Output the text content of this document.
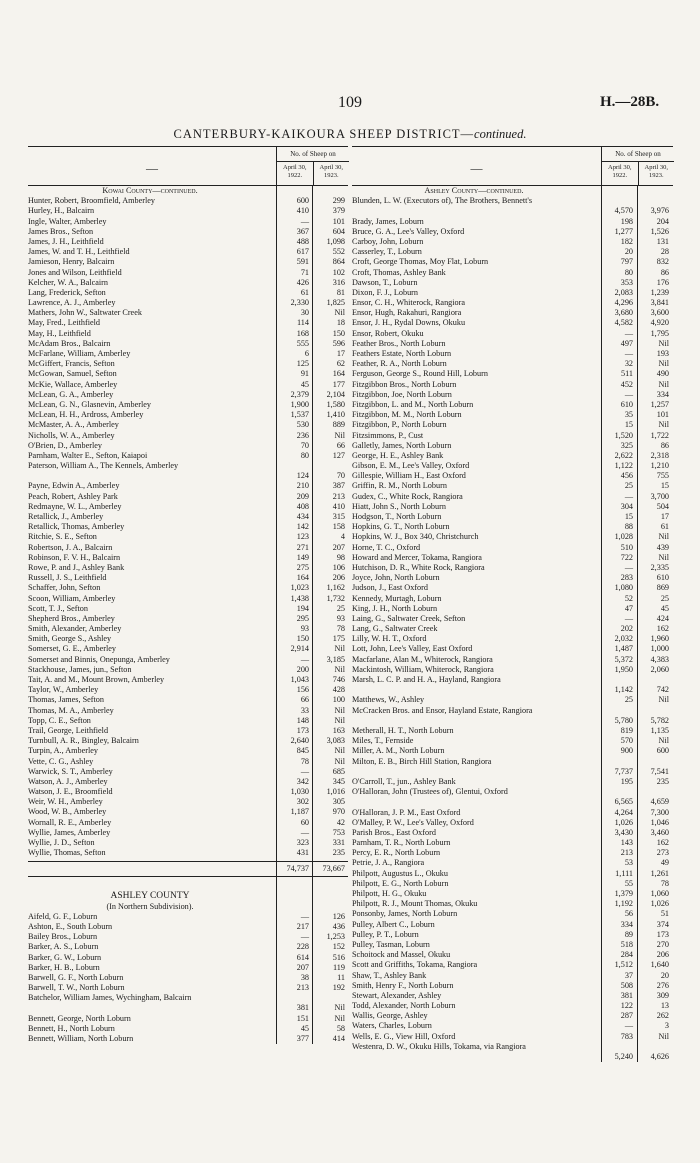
109	H.—28B.
CANTERBURY-KAIKOURA SHEEP DISTRICT—continued.
—
No. of Sheep on
April 30, 1922.
April 30, 1923.
Kowai County—continued.
Hunter, Robert, Broomfield, Amberley	600	299
Hurley, H., Balcairn	410	379
Ingle, Walter, Amberley	—	101
James Bros., Sefton	367	604
James, J. H., Leithfield	488	1,098
James, W. and T. H., Leithfield	617	552
Jamieson, Henry, Balcairn	591	864
Jones and Wilson, Leithfield	71	102
Kelcher, W. A., Balcairn	426	316
Lang, Frederick, Sefton	61	81
Lawrence, A. J., Amberley	2,330	1,825
Mathers, John W., Saltwater Creek	30	Nil
May, Fred., Leithfield	114	18
May, H., Leithfield	168	150
McAdam Bros., Balcairn	555	596
McFarlane, William, Amberley	6	17
McGiffert, Francis, Sefton	125	62
McGowan, Samuel, Sefton	91	164
McKie, Wallace, Amberley	45	177
McLean, G. A., Amberley	2,379	2,104
McLean, G. N., Glasnevin, Amberley	1,900	1,580
McLean, H. H., Ardross, Amberley	1,537	1,410
McMaster, A. A., Amberley	530	889
Nicholls, W. A., Amberley	236	Nil
O'Brien, D., Amberley	70	66
Parnham, Walter E., Sefton, Kaiapoi	80	127
Paterson, William A., The Kennels, Amberley
124	70
Payne, Edwin A., Amberley	210	387
Peach, Robert, Ashley Park	209	213
Redmayne, W. L., Amberley	408	410
Retallick, J., Amberley	434	315
Retallick, Thomas, Amberley	142	158
Ritchie, S. E., Sefton	123	4
Robertson, J. A., Balcairn	271	207
Robinson, F. V. H., Balcairn	149	98
Rowe, P. and J., Ashley Bank	275	106
Russell, J. S., Leithfield	164	206
Schaffer, John, Sefton	1,023	1,162
Scoon, William, Amberley	1,438	1,732
Scott, T. J., Sefton	194	25
Shepherd Bros., Amberley	295	93
Smith, Alexander, Amberley	93	78
Smith, George S., Ashley	150	175
Somerset, G. E., Amberley	2,914	Nil
Somerset and Binnis, Onepunga, Amberley	—	3,185
Stackhouse, James, jun., Sefton	200	Nil
Tait, A. and M., Mount Brown, Amberley	1,043	746
Taylor, W., Amberley	156	428
Thomas, James, Sefton	66	100
Thomas, M. A., Amberley	33	Nil
Topp, C. E., Sefton	148	Nil
Trail, George, Leithfield	173	163
Turnbull, A. R., Bingley, Balcairn	2,640	3,083
Turpin, A., Amberley	845	Nil
Vette, C. G., Ashley	78	Nil
Warwick, S. T., Amberley	—	685
Watson, A. J., Amberley	342	345
Watson, J. E., Broomfield	1,030	1,016
Weir, W. H., Amberley	302	305
Wood, W. B., Amberley	1,187	970
Wornall, R. E., Amberley	60	42
Wyllie, James, Amberley	—	753
Wyllie, J. D., Sefton	323	331
Wyllie, Thomas, Sefton	431	235
74,737	73,667
ASHLEY COUNTY
(In Northern Subdivision).
Aifeld, G. F., Loburn	—	126
Ashton, E., South Loburn	217	436
Bailey Bros., Loburn	—	1,253
Barker, A. S., Loburn	228	152
Barker, G. W., Loburn	614	516
Barker, H. B., Loburn	207	119
Barwell, G. F., North Loburn	38	11
Barwell, T. W., North Loburn	213	192
Batchelor, William James, Wychingham, Balcairn
381	Nil
Bennett, George, North Loburn	151	Nil
Bennett, H., North Loburn	45	58
Bennett, William, North Loburn	377	414
—
No. of Sheep on
April 30, 1922.
April 30, 1923.
Ashley County—continued.
Blunden, L. W. (Executors of), The Brothers, Bennett's
4,570	3,976
Brady, James, Loburn	198	204
Bruce, G. A., Lee's Valley, Oxford	1,277	1,526
Carboy, John, Loburn	182	131
Casserley, T., Loburn	20	28
Croft, George Thomas, Moy Flat, Loburn	797	832
Croft, Thomas, Ashley Bank	80	86
Dawson, T., Loburn	353	176
Dixon, F. J., Loburn	2,083	1,239
Ensor, C. H., Whiterock, Rangiora	4,296	3,841
Ensor, Hugh, Rakahuri, Rangiora	3,680	3,600
Ensor, J. H., Rydal Downs, Okuku	4,582	4,920
Ensor, Robert, Okuku	—	1,795
Feather Bros., North Loburn	497	Nil
Feathers Estate, North Loburn	—	193
Feather, R. A., North Loburn	32	Nil
Ferguson, George S., Round Hill, Loburn	511	490
Fitzgibbon Bros., North Loburn	452	Nil
Fitzgibbon, Joe, North Loburn	—	334
Fitzgibbon, L. and M., North Loburn	610	1,257
Fitzgibbon, M. M., North Loburn	35	101
Fitzgibbon, P., North Loburn	15	Nil
Fitzsimmons, P., Cust	1,520	1,722
Galletly, James, North Loburn	325	86
George, H. E., Ashley Bank	2,622	2,318
Gibson, E. M., Lee's Valley, Oxford	1,122	1,210
Gillespie, William H., East Oxford	456	755
Griffin, R. M., North Loburn	25	15
Gudex, C., White Rock, Rangiora	—	3,700
Hiatt, John S., North Loburn	304	504
Hodgson, T., North Loburn	15	17
Hopkins, G. T., North Loburn	88	61
Hopkins, W. J., Box 340, Christchurch	1,028	Nil
Horne, T. C., Oxford	510	439
Howard and Mercer, Tokama, Rangiora	722	Nil
Hutchison, D. R., White Rock, Rangiora	—	2,335
Joyce, John, North Loburn	283	610
Judson, J., East Oxford	1,080	869
Kennedy, Murtagh, Loburn	52	25
King, J. H., North Loburn	47	45
Laing, G., Saltwater Creek, Sefton	—	424
Lang, G., Saltwater Creek	202	162
Lilly, W. H. T., Oxford	2,032	1,960
Lott, John, Lee's Valley, East Oxford	1,487	1,000
Macfarlane, Alan M., Whiterock, Rangiora	5,372	4,383
Mackintosh, William, Whiterock, Rangiora	1,950	2,060
Marsh, L. C. P. and H. A., Hayland, Rangiora
1,142	742
Matthews, W., Ashley	25	Nil
McCracken Bros. and Ensor, Hayland Estate, Rangiora
5,780	5,782
Metherall, H. T., North Loburn	819	1,135
Miles, T., Fernside	570	Nil
Miller, A. M., North Loburn	900	600
Milton, E. B., Birch Hill Station, Rangiora
7,737	7,541
O'Carroll, T., jun., Ashley Bank	195	235
O'Halloran, John (Trustees of), Glentui, Oxford
6,565	4,659
O'Halloran, J. P. M., East Oxford	4,264	7,300
O'Malley, P. W., Lee's Valley, Oxford	1,026	1,046
Parish Bros., East Oxford	3,430	3,460
Parnham, T. R., North Loburn	143	162
Percy, E. R., North Loburn	213	273
Petrie, J. A., Rangiora	53	49
Philpott, Augustus L., Okuku	1,111	1,261
Philpott, E. G., North Loburn	55	78
Philpott, H. G., Okuku	1,379	1,060
Philpott, R. J., Mount Thomas, Okuku	1,192	1,026
Ponsonby, James, North Loburn	56	51
Pulley, Albert C., Loburn	334	374
Pulley, P. T., Loburn	89	173
Pulley, Tasman, Loburn	518	270
Schoitock and Massel, Okuku	284	206
Scott and Griffiths, Tokama, Rangiora	1,512	1,640
Shaw, T., Ashley Bank	37	20
Smith, Henry F., North Loburn	508	276
Stewart, Alexander, Ashley	381	309
Todd, Alexander, North Loburn	122	13
Wallis, George, Ashley	287	262
Waters, Charles, Loburn	—	3
Wells, E. G., View Hill, Oxford	783	Nil
Westenra, D. W., Okuku Hills, Tokama, via Rangiora
5,240	4,626
